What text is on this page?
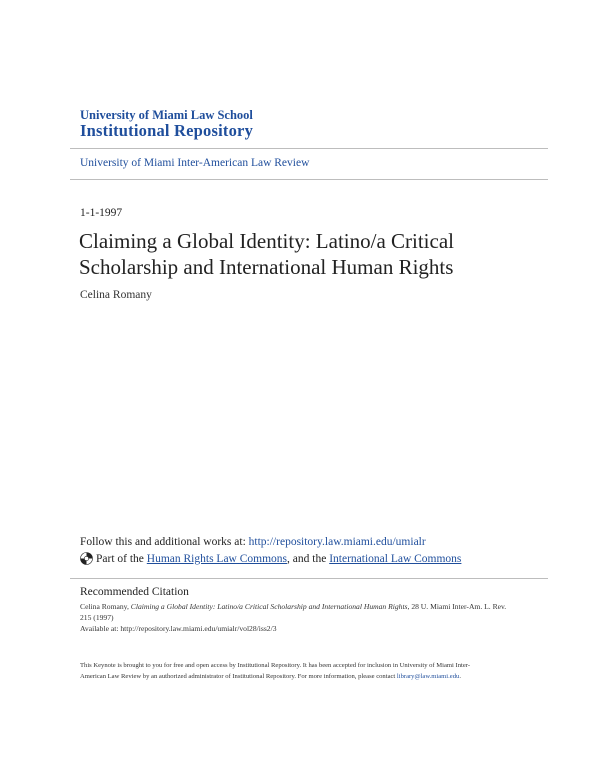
University of Miami Law School
Institutional Repository
University of Miami Inter-American Law Review
1-1-1997
Claiming a Global Identity: Latino/a Critical
Scholarship and International Human Rights
Celina Romany
Follow this and additional works at: http://repository.law.miami.edu/umialr
Part of the
Human Rights Law Commons , and the
International Law Commons
Recommended Citation
Celina Romany, Claiming a Global Identity: Latino/a Critical Scholarship and International Human Rights, 28 U. Miami Inter-Am. L. Rev.
215 (1997)
Available at: http://repository.law.miami.edu/umialr/vol28/iss2/3
This Keynote is brought to you for free and open access by Institutional Repository. It has been accepted for inclusion in University of Miami Inter-
American Law Review by an authorized administrator of Institutional Repository. For more information, please contact library@law.miami.edu.
